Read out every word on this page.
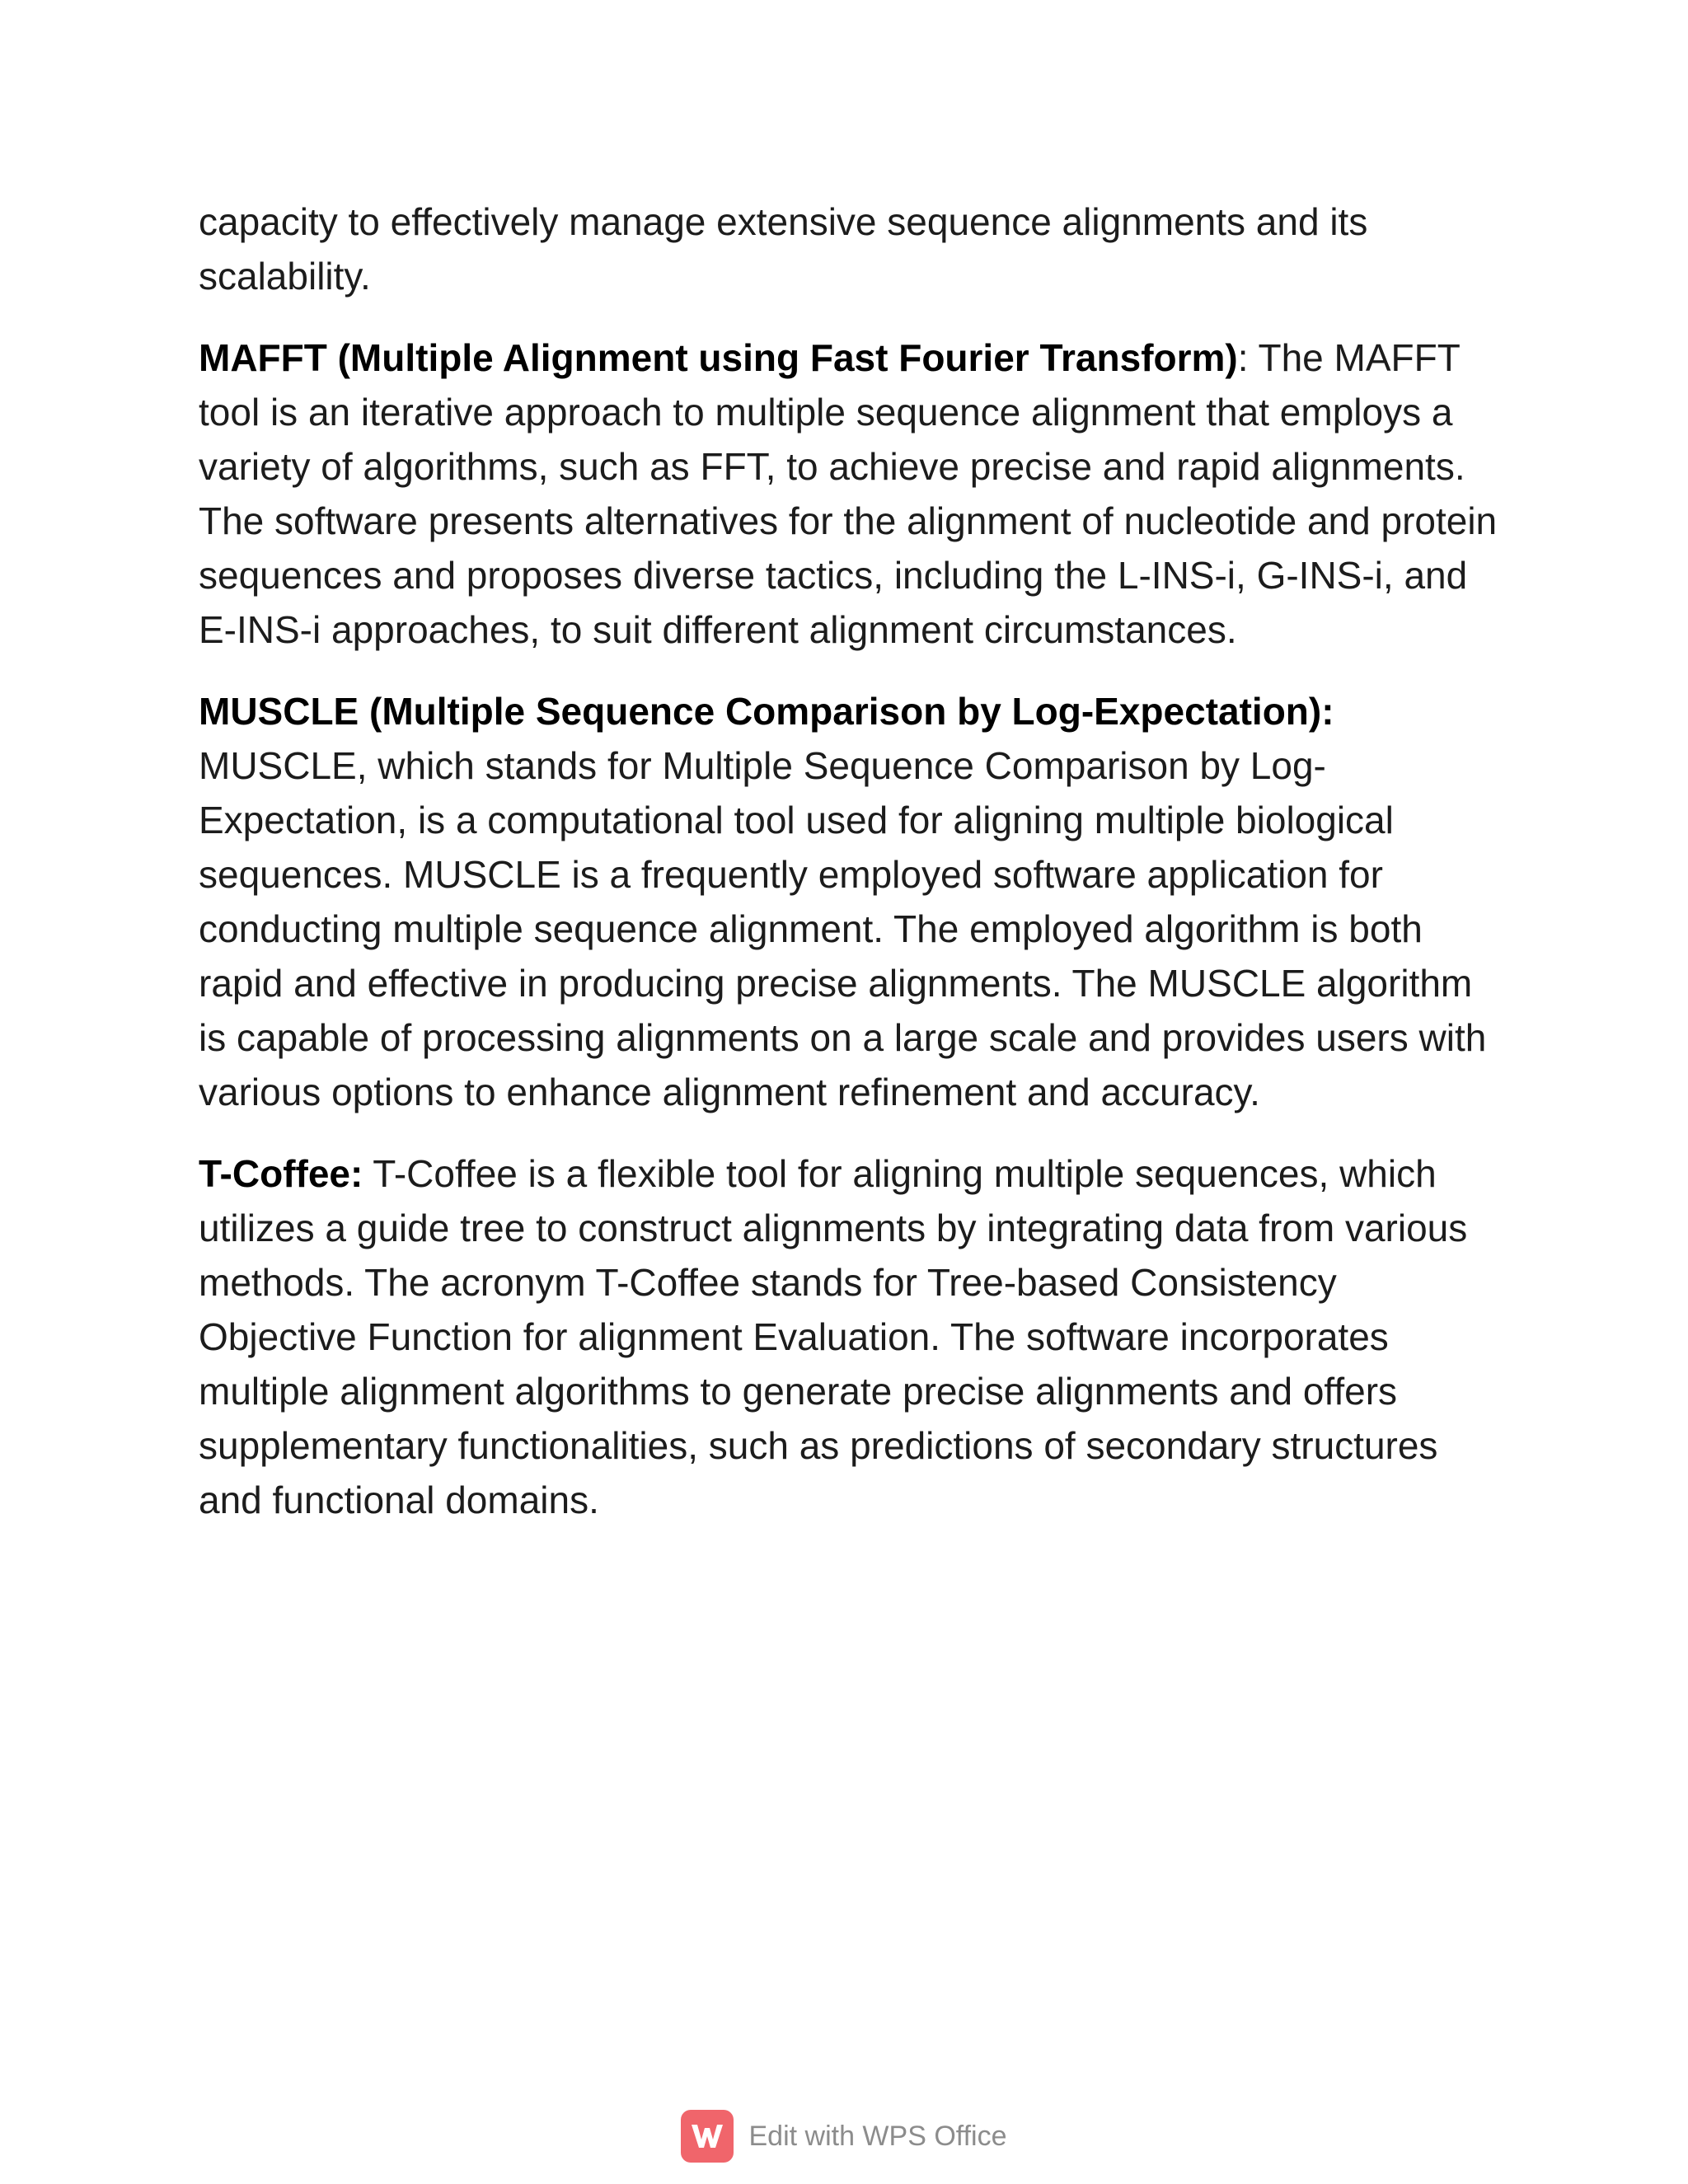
capacity to effectively manage extensive sequence alignments and its scalability.

MAFFT (Multiple Alignment using Fast Fourier Transform): The MAFFT tool is an iterative approach to multiple sequence alignment that employs a variety of algorithms, such as FFT, to achieve precise and rapid alignments. The software presents alternatives for the alignment of nucleotide and protein sequences and proposes diverse tactics, including the L-INS-i, G-INS-i, and E-INS-i approaches, to suit different alignment circumstances.

MUSCLE (Multiple Sequence Comparison by Log-Expectation): MUSCLE, which stands for Multiple Sequence Comparison by Log-Expectation, is a computational tool used for aligning multiple biological sequences. MUSCLE is a frequently employed software application for conducting multiple sequence alignment. The employed algorithm is both rapid and effective in producing precise alignments. The MUSCLE algorithm is capable of processing alignments on a large scale and provides users with various options to enhance alignment refinement and accuracy.

T-Coffee: T-Coffee is a flexible tool for aligning multiple sequences, which utilizes a guide tree to construct alignments by integrating data from various methods. The acronym T-Coffee stands for Tree-based Consistency Objective Function for alignment Evaluation. The software incorporates multiple alignment algorithms to generate precise alignments and offers supplementary functionalities, such as predictions of secondary structures and functional domains.

Edit with WPS Office
